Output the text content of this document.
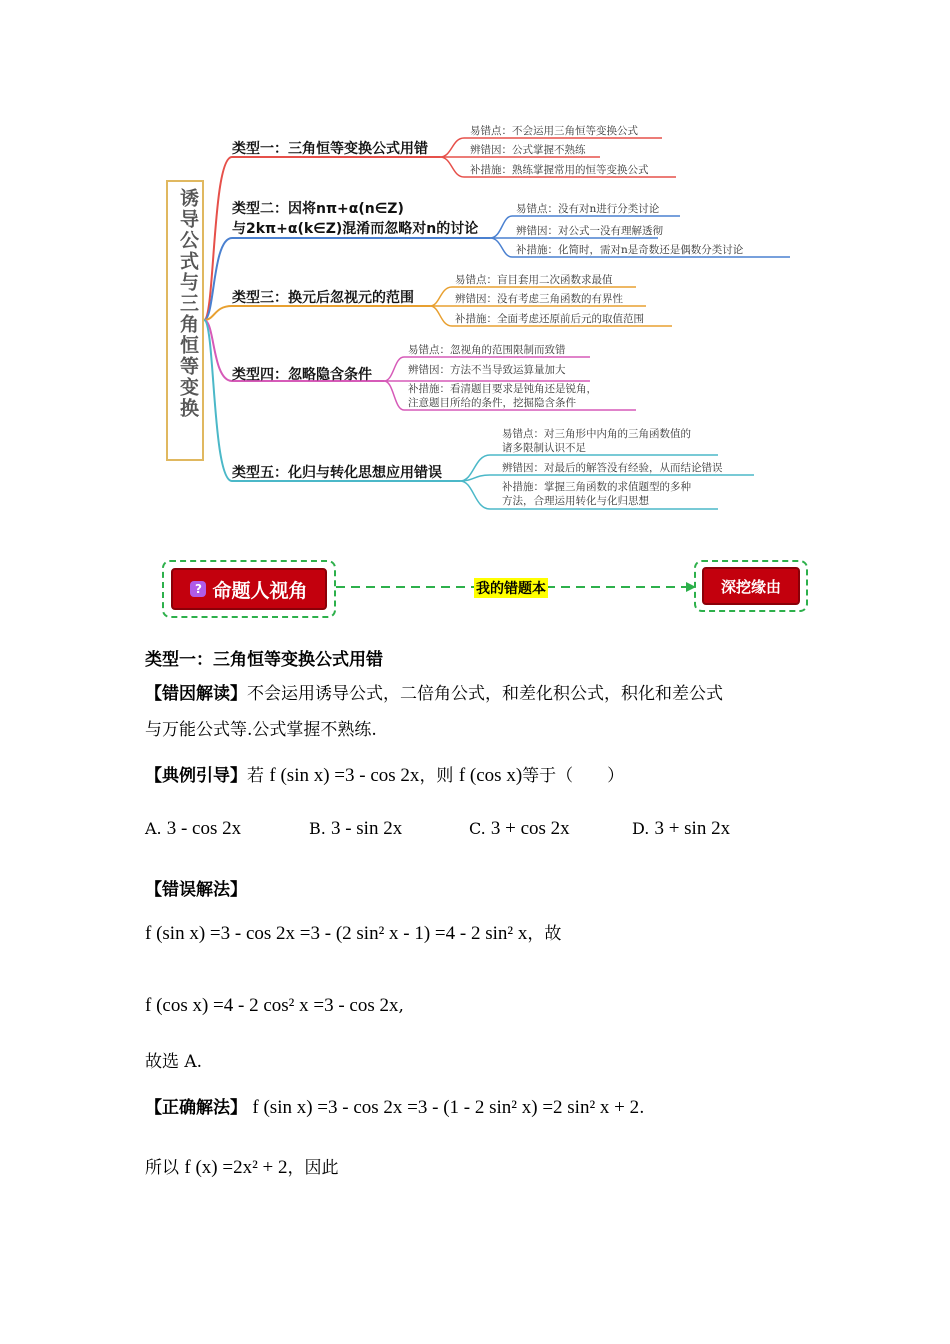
诱导公式与三角恒等变换
类型一：三角恒等变换公式用错
易错点：不会运用三角恒等变换公式
辨错因：公式掌握不熟练
补措施：熟练掌握常用的恒等变换公式
类型二：因将nπ+α(n∈Z)
与2kπ+α(k∈Z)混淆而忽略对n的讨论
易错点：没有对n进行分类讨论
辨错因：对公式一没有理解透彻
补措施：化简时，需对n是奇数还是偶数分类讨论
类型三：换元后忽视元的范围
易错点：盲目套用二次函数求最值
辨错因：没有考虑三角函数的有界性
补措施：全面考虑还原前后元的取值范围
类型四：忽略隐含条件
易错点：忽视角的范围限制而致错
辨错因：方法不当导致运算量加大
补措施：看清题目要求是钝角还是锐角，
注意题目所给的条件，挖掘隐含条件
类型五：化归与转化思想应用错误
易错点：对三角形中内角的三角函数值的
诸多限制认识不足
辨错因：对最后的解答没有经验，从而结论错误
补措施：掌握三角函数的求值题型的多种
方法，合理运用转化与化归思想
? 命题人视角	我的错题本	深挖缘由
类型一：三角恒等变换公式用错
【错因解读】不会运用诱导公式，二倍角公式，和差化积公式，积化和差公式
与万能公式等.公式掌握不熟练.
【典例引导】若 f (sin x) =3 - cos 2x，则 f (cos x)等于（　　）
A. 3 - cos 2x	B. 3 - sin 2x	C. 3 + cos 2x	D. 3 + sin 2x
【错误解法】
f (sin x) =3 - cos 2x =3 - (2 sin² x - 1) =4 - 2 sin² x，故
f (cos x) =4 - 2 cos² x =3 - cos 2x,
故选 A.
【正确解法】 f (sin x) =3 - cos 2x =3 - (1 - 2 sin² x) =2 sin² x + 2.
所以 f (x) =2x² + 2，因此
